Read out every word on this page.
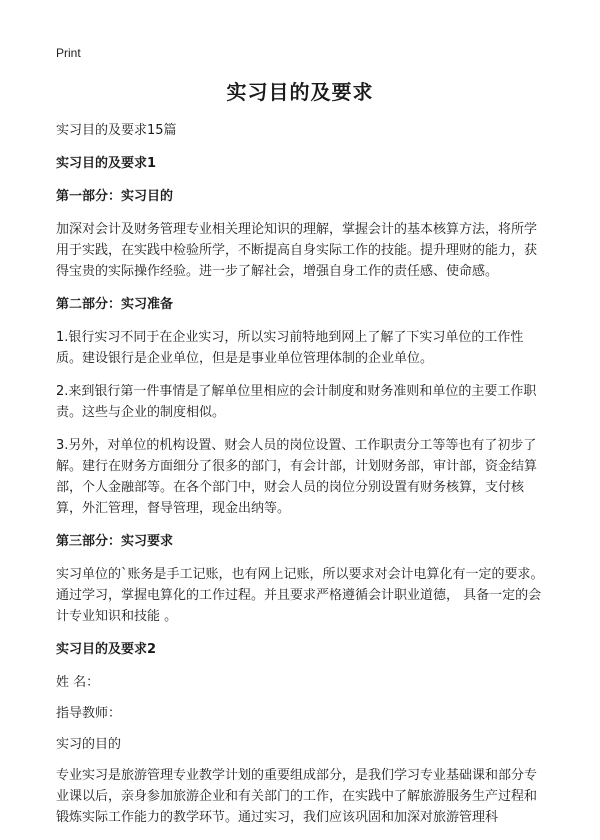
Print
实习目的及要求

实习目的及要求15篇

实习目的及要求1

第一部分：实习目的

加深对会计及财务管理专业相关理论知识的理解，掌握会计的基本核算方法，将所学用于实践，在实践中检验所学，不断提高自身实际工作的技能。提升理财的能力，获得宝贵的实际操作经验。进一步了解社会，增强自身工作的责任感、使命感。

第二部分：实习准备

1.银行实习不同于在企业实习，所以实习前特地到网上了解了下实习单位的工作性质。建设银行是企业单位，但是是事业单位管理体制的企业单位。

2.来到银行第一件事情是了解单位里相应的会计制度和财务准则和单位的主要工作职责。这些与企业的制度相似。

3.另外，对单位的机构设置、财会人员的岗位设置、工作职责分工等等也有了初步了解。建行在财务方面细分了很多的部门，有会计部，计划财务部，审计部，资金结算部，个人金融部等。在各个部门中，财会人员的岗位分别设置有财务核算，支付核算，外汇管理，督导管理，现金出纳等。

第三部分：实习要求

实习单位的`账务是手工记账，也有网上记账，所以要求对会计电算化有一定的要求。通过学习，掌握电算化的工作过程。并且要求严格遵循会计职业道德， 具备一定的会计专业知识和技能 。

实习目的及要求2

姓 名：

指导教师：

实习的目的

专业实习是旅游管理专业教学计划的重要组成部分，是我们学习专业基础课和部分专业课以后，亲身参加旅游企业和有关部门的工作，在实践中了解旅游服务生产过程和锻炼实际工作能力的教学环节。通过实习，我们应该巩固和加深对旅游管理科
